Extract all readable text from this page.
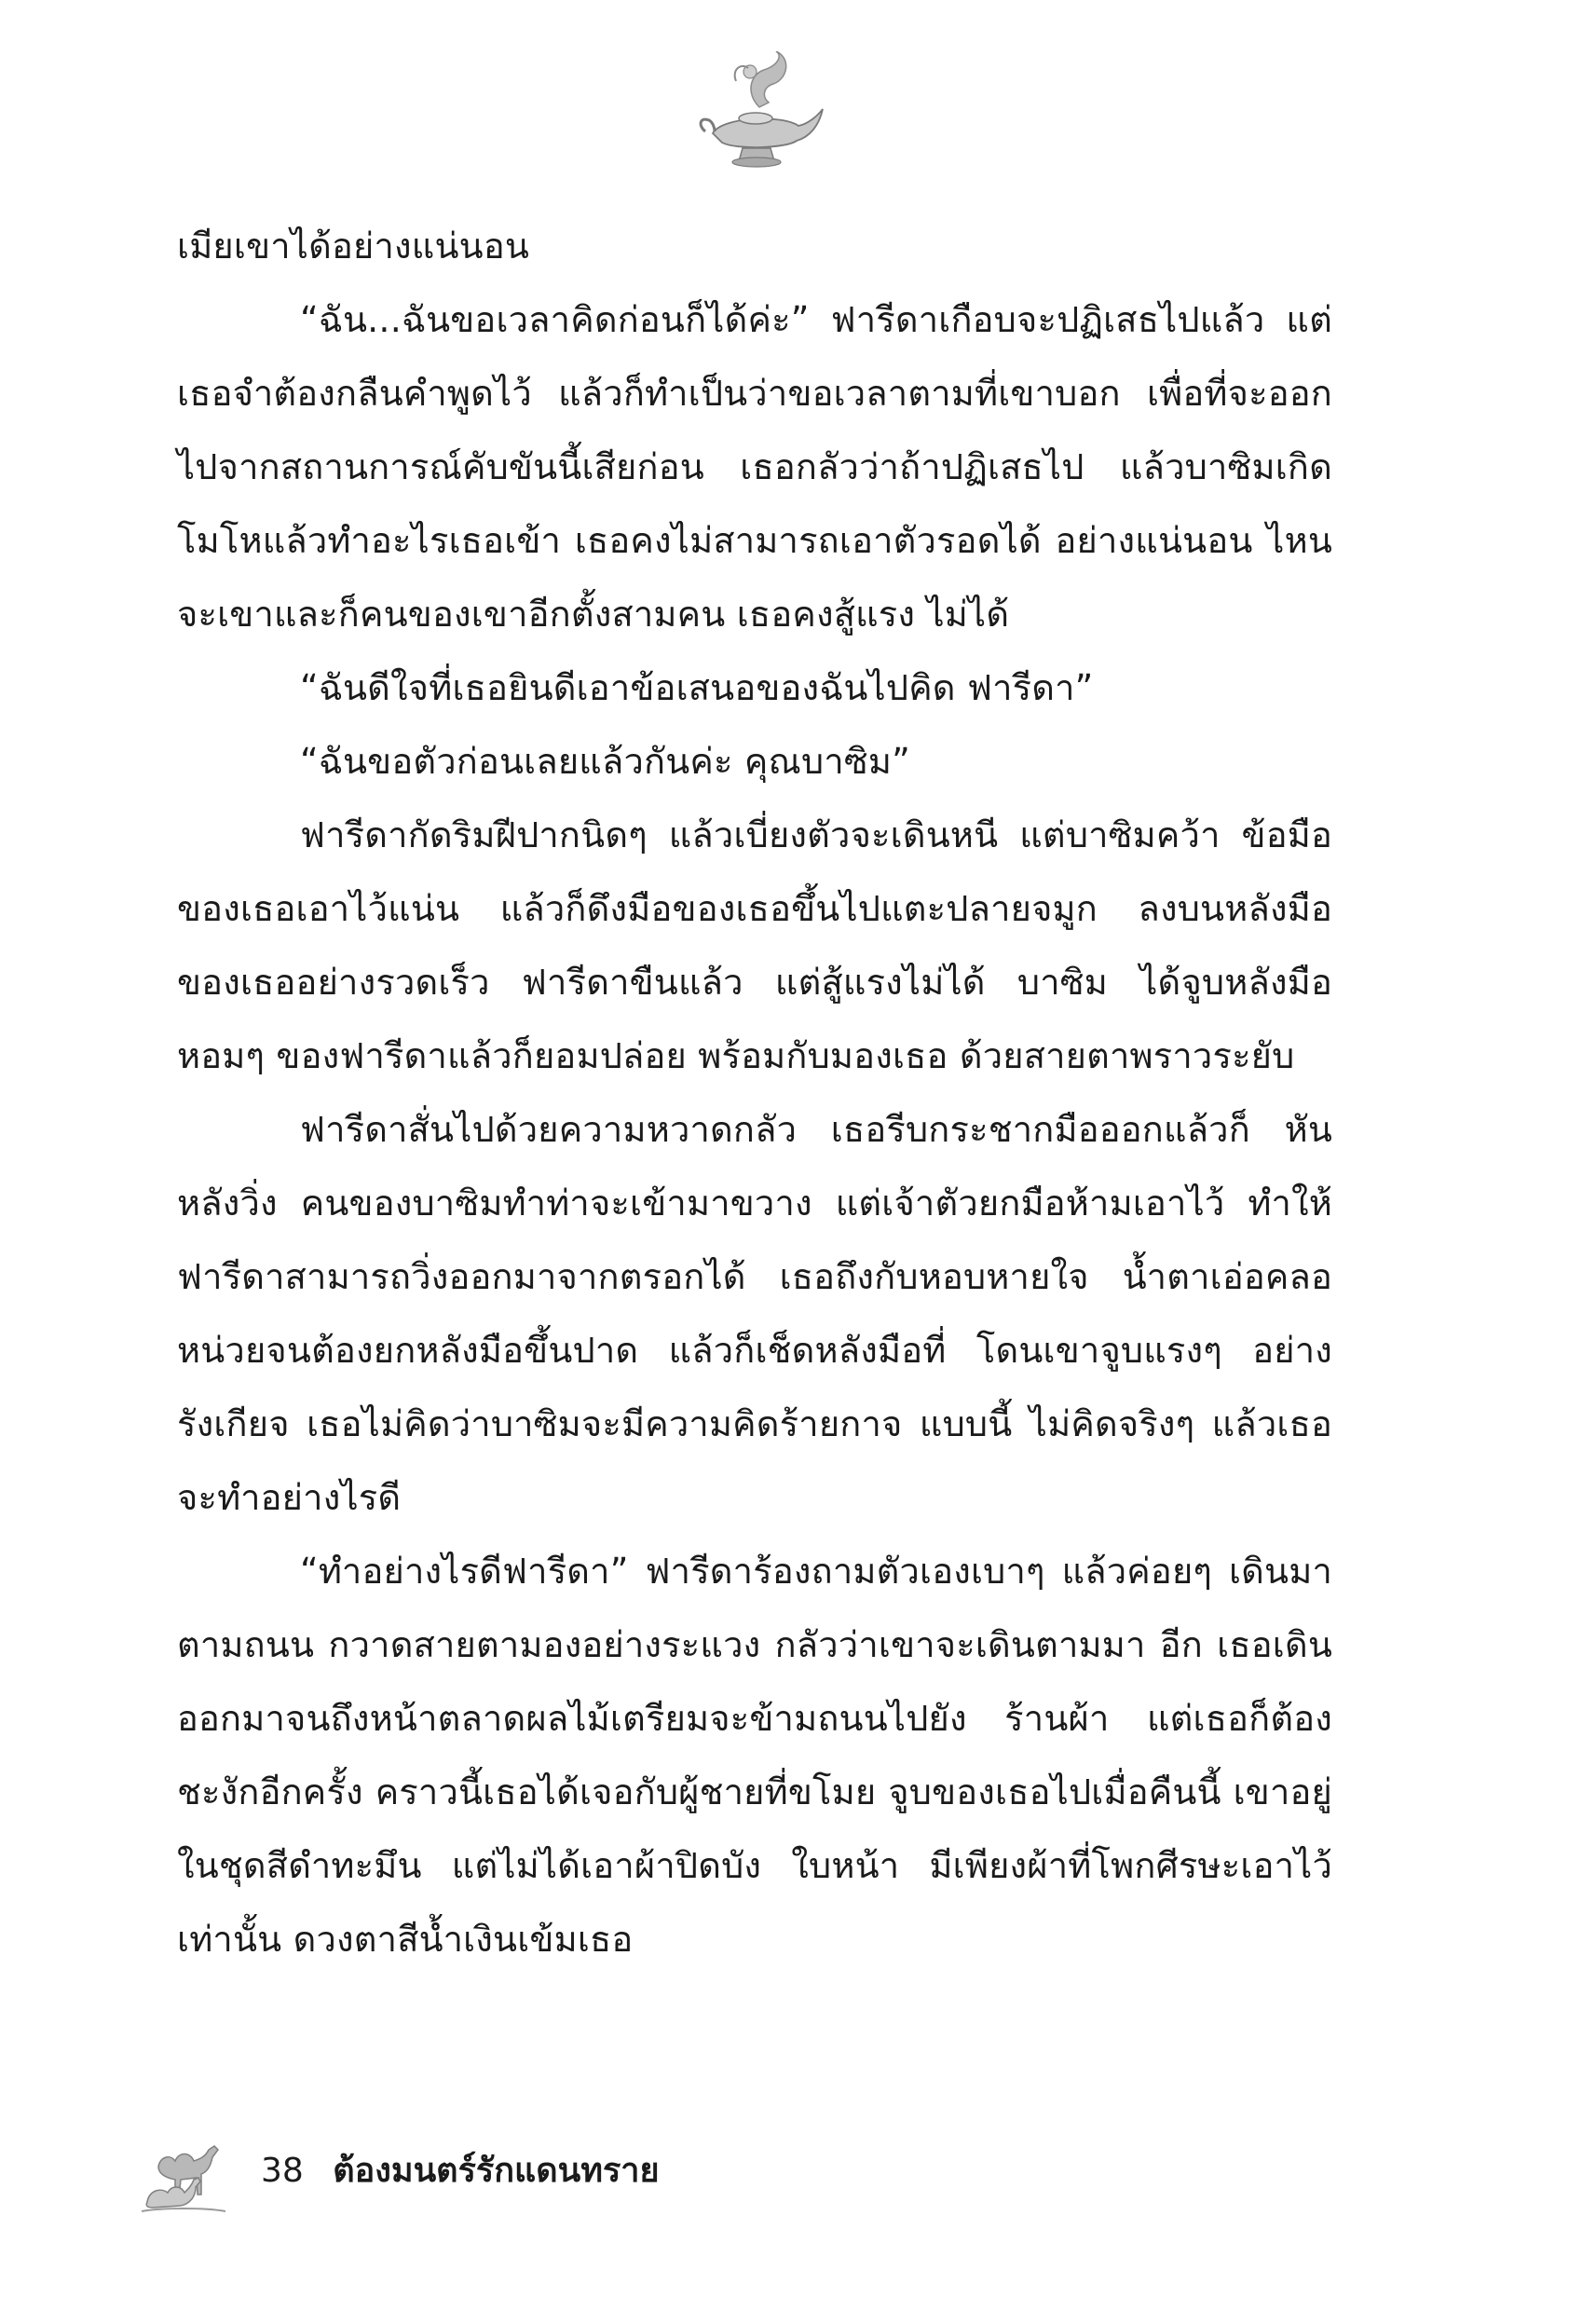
เมียเขาได้อย่างแน่นอน

“ฉัน...ฉันขอเวลาคิดก่อนก็ได้ค่ะ” ฟารีดาเกือบจะปฏิเสธไปแล้ว แต่เธอจำต้องกลืนคำพูดไว้ แล้วก็ทำเป็นว่าขอเวลาตามที่เขาบอก เพื่อที่จะออกไปจากสถานการณ์คับขันนี้เสียก่อน เธอกลัวว่าถ้าปฏิเสธไป แล้วบาซิมเกิดโมโหแล้วทำอะไรเธอเข้า เธอคงไม่สามารถเอาตัวรอดได้ อย่างแน่นอน ไหนจะเขาและก็คนของเขาอีกตั้งสามคน เธอคงสู้แรง ไม่ได้

“ฉันดีใจที่เธอยินดีเอาข้อเสนอของฉันไปคิด ฟารีดา”

“ฉันขอตัวก่อนเลยแล้วกันค่ะ คุณบาซิม”

ฟารีดากัดริมฝีปากนิดๆ แล้วเบี่ยงตัวจะเดินหนี แต่บาซิมคว้า ข้อมือของเธอเอาไว้แน่น แล้วก็ดึงมือของเธอขึ้นไปแตะปลายจมูก ลงบนหลังมือของเธออย่างรวดเร็ว ฟารีดาขืนแล้ว แต่สู้แรงไม่ได้ บาซิม ได้จูบหลังมือหอมๆ ของฟารีดาแล้วก็ยอมปล่อย พร้อมกับมองเธอ ด้วยสายตาพราวระยับ

ฟารีดาสั่นไปด้วยความหวาดกลัว เธอรีบกระชากมือออกแล้วก็ หันหลังวิ่ง คนของบาซิมทำท่าจะเข้ามาขวาง แต่เจ้าตัวยกมือห้ามเอาไว้ ทำให้ฟารีดาสามารถวิ่งออกมาจากตรอกได้ เธอถึงกับหอบหายใจ น้ำตาเอ่อคลอหน่วยจนต้องยกหลังมือขึ้นปาด แล้วก็เช็ดหลังมือที่ โดนเขาจูบแรงๆ อย่างรังเกียจ เธอไม่คิดว่าบาซิมจะมีความคิดร้ายกาจ แบบนี้ ไม่คิดจริงๆ แล้วเธอจะทำอย่างไรดี

“ทำอย่างไรดีฟารีดา” ฟารีดาร้องถามตัวเองเบาๆ แล้วค่อยๆ เดินมาตามถนน กวาดสายตามองอย่างระแวง กลัวว่าเขาจะเดินตามมา อีก เธอเดินออกมาจนถึงหน้าตลาดผลไม้เตรียมจะข้ามถนนไปยัง ร้านผ้า แต่เธอก็ต้องชะงักอีกครั้ง คราวนี้เธอได้เจอกับผู้ชายที่ขโมย จูบของเธอไปเมื่อคืนนี้ เขาอยู่ในชุดสีดำทะมึน แต่ไม่ได้เอาผ้าปิดบัง ใบหน้า มีเพียงผ้าที่โพกศีรษะเอาไว้เท่านั้น ดวงตาสีน้ำเงินเข้มเธอ

38 ต้องมนตร์รักแดนทราย
